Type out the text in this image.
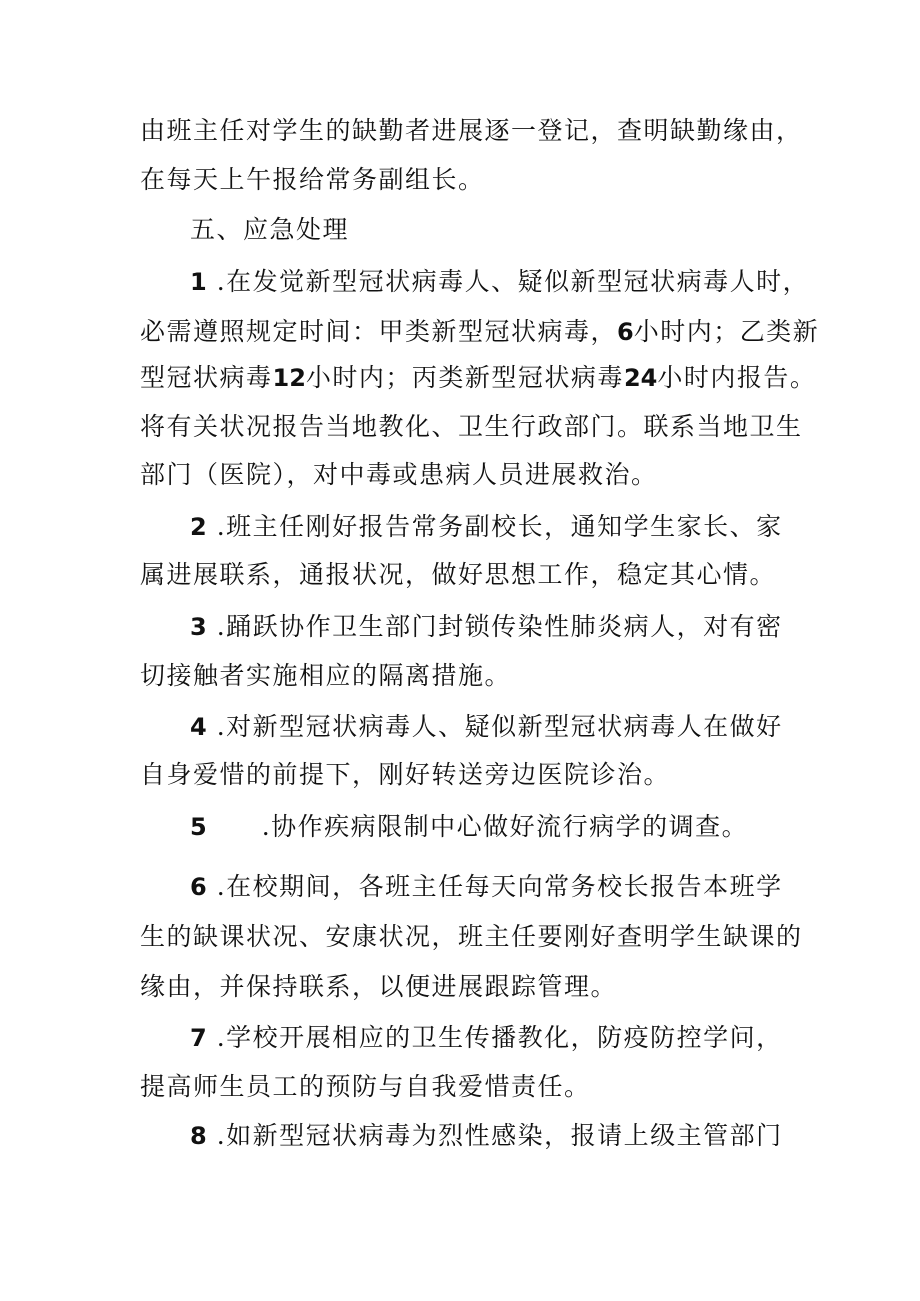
由班主任对学生的缺勤者进展逐一登记，查明缺勤缘由，
在每天上午报给常务副组长。
五、应急处理
1 .在发觉新型冠状病毒人、疑似新型冠状病毒人时，
必需遵照规定时间：甲类新型冠状病毒，6小时内；乙类新
型冠状病毒12小时内；丙类新型冠状病毒24小时内报告。
将有关状况报告当地教化、卫生行政部门。联系当地卫生
部门（医院），对中毒或患病人员进展救治。
2 .班主任刚好报告常务副校长，通知学生家长、家
属进展联系，通报状况，做好思想工作，稳定其心情。
3 .踊跃协作卫生部门封锁传染性肺炎病人，对有密
切接触者实施相应的隔离措施。
4 .对新型冠状病毒人、疑似新型冠状病毒人在做好
自身爱惜的前提下，刚好转送旁边医院诊治。
5 .协作疾病限制中心做好流行病学的调查。
6 .在校期间，各班主任每天向常务校长报告本班学
生的缺课状况、安康状况，班主任要刚好查明学生缺课的
缘由，并保持联系，以便进展跟踪管理。
7 .学校开展相应的卫生传播教化，防疫防控学问，
提高师生员工的预防与自我爱惜责任。
8 .如新型冠状病毒为烈性感染，报请上级主管部门
